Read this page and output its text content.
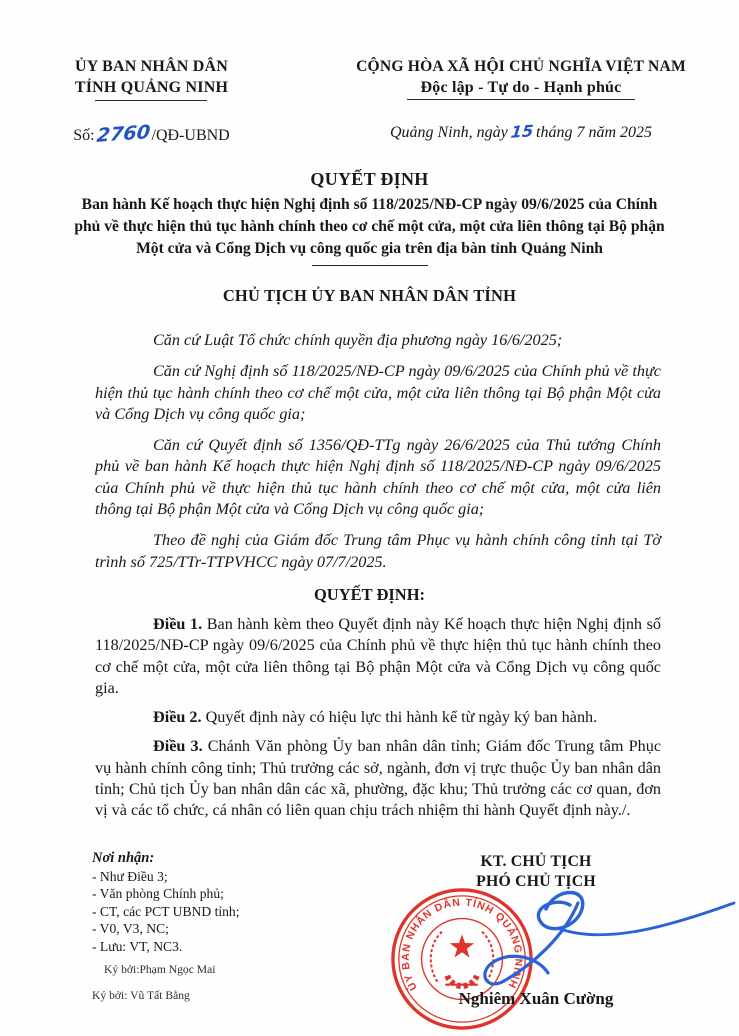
ỦY BAN NHÂN DÂN
TỈNH QUẢNG NINH
Số:2760/QĐ-UBND
CỘNG HÒA XÃ HỘI CHỦ NGHĨA VIỆT NAM
Độc lập - Tự do - Hạnh phúc
Quảng Ninh, ngày 15 tháng 7 năm 2025
QUYẾT ĐỊNH
Ban hành Kế hoạch thực hiện Nghị định số 118/2025/NĐ-CP ngày 09/6/2025 của Chính phủ về thực hiện thủ tục hành chính theo cơ chế một cửa, một cửa liên thông tại Bộ phận Một cửa và Cổng Dịch vụ công quốc gia trên địa bàn tỉnh Quảng Ninh
CHỦ TỊCH ỦY BAN NHÂN DÂN TỈNH

Căn cứ Luật Tổ chức chính quyền địa phương ngày 16/6/2025;

Căn cứ Nghị định số 118/2025/NĐ-CP ngày 09/6/2025 của Chính phủ về thực hiện thủ tục hành chính theo cơ chế một cửa, một cửa liên thông tại Bộ phận Một cửa và Cổng Dịch vụ công quốc gia;

Căn cứ Quyết định số 1356/QĐ-TTg ngày 26/6/2025 của Thủ tướng Chính phủ về ban hành Kế hoạch thực hiện Nghị định số 118/2025/NĐ-CP ngày 09/6/2025 của Chính phủ về thực hiện thủ tục hành chính theo cơ chế một cửa, một cửa liên thông tại Bộ phận Một cửa và Cổng Dịch vụ công quốc gia;

Theo đề nghị của Giám đốc Trung tâm Phục vụ hành chính công tỉnh tại Tờ trình số 725/TTr-TTPVHCC ngày 07/7/2025.

QUYẾT ĐỊNH:

Điều 1. Ban hành kèm theo Quyết định này Kế hoạch thực hiện Nghị định số 118/2025/NĐ-CP ngày 09/6/2025 của Chính phủ về thực hiện thủ tục hành chính theo cơ chế một cửa, một cửa liên thông tại Bộ phận Một cửa và Cổng Dịch vụ công quốc gia.

Điều 2. Quyết định này có hiệu lực thi hành kể từ ngày ký ban hành.

Điều 3. Chánh Văn phòng Ủy ban nhân dân tỉnh; Giám đốc Trung tâm Phục vụ hành chính công tỉnh; Thủ trưởng các sở, ngành, đơn vị trực thuộc Ủy ban nhân dân tỉnh; Chủ tịch Ủy ban nhân dân các xã, phường, đặc khu; Thủ trưởng các cơ quan, đơn vị và các tổ chức, cá nhân có liên quan chịu trách nhiệm thi hành Quyết định này./.

Nơi nhận:
- Như Điều 3;
- Văn phòng Chính phủ;
- CT, các PCT UBND tỉnh;
- V0, V3, NC;
- Lưu: VT, NC3.
Ký bởi:Phạm Ngọc Mai
Ký bởi: Vũ Tất Bằng
ỦY BAN NHÂN DÂN TỈNH QUẢNG NINH
KT. CHỦ TỊCH
PHÓ CHỦ TỊCH
Nghiêm Xuân Cường
